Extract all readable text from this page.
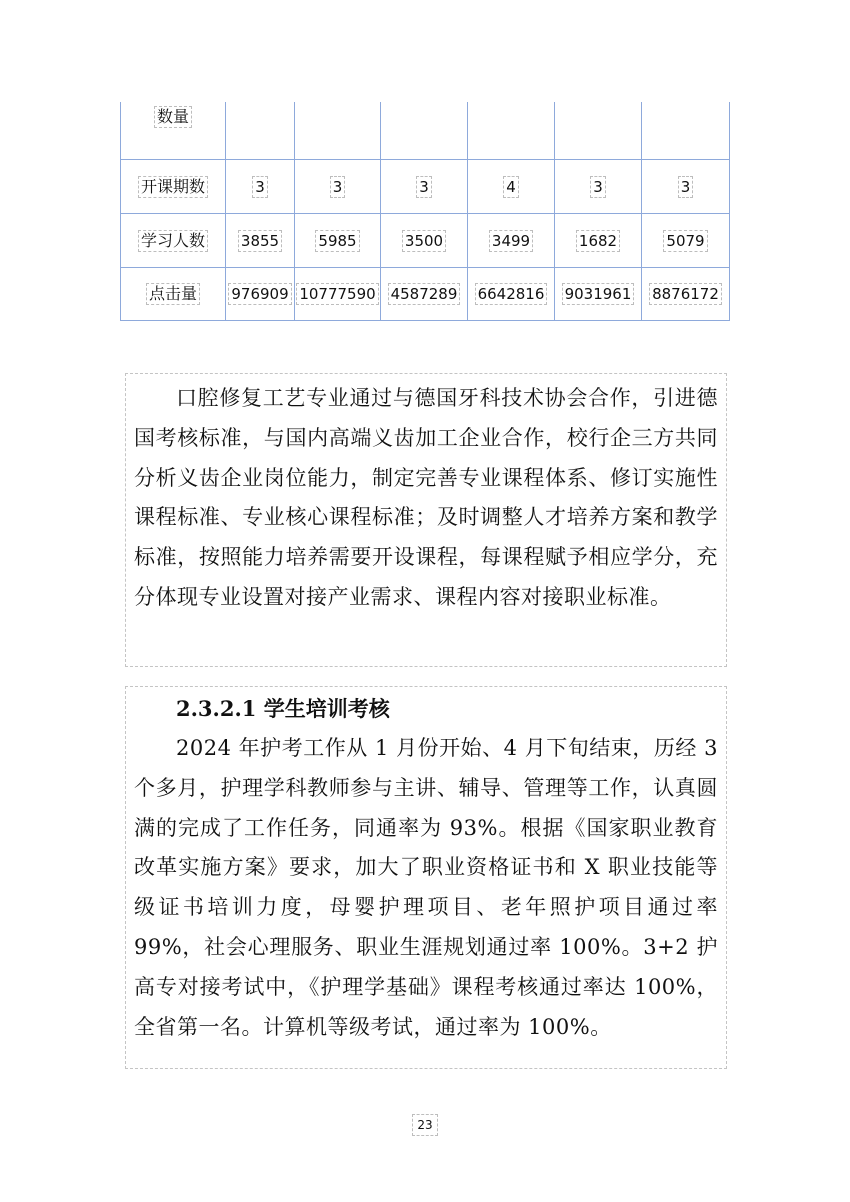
数量						
开课期数	3	3	3	4	3	3
学习人数	3855	5985	3500	3499	1682	5079
点击量	976909	10777590	4587289	6642816	9031961	8876172

口腔修复工艺专业通过与德国牙科技术协会合作，引进德国考核标准，与国内高端义齿加工企业合作，校行企三方共同分析义齿企业岗位能力，制定完善专业课程体系、修订实施性课程标准、专业核心课程标准；及时调整人才培养方案和教学标准，按照能力培养需要开设课程，每课程赋予相应学分，充分体现专业设置对接产业需求、课程内容对接职业标准。

2.3.2.1 学生培训考核

2024 年护考工作从 1 月份开始、4 月下旬结束，历经 3 个多月，护理学科教师参与主讲、辅导、管理等工作，认真圆满的完成了工作任务，同通率为 93%。根据《国家职业教育改革实施方案》要求，加大了职业资格证书和 X 职业技能等级证书培训力度，母婴护理项目、老年照护项目通过率 99%，社会心理服务、职业生涯规划通过率 100%。3+2 护高专对接考试中，《护理学基础》课程考核通过率达 100%，全省第一名。计算机等级考试，通过率为 100%。

23
